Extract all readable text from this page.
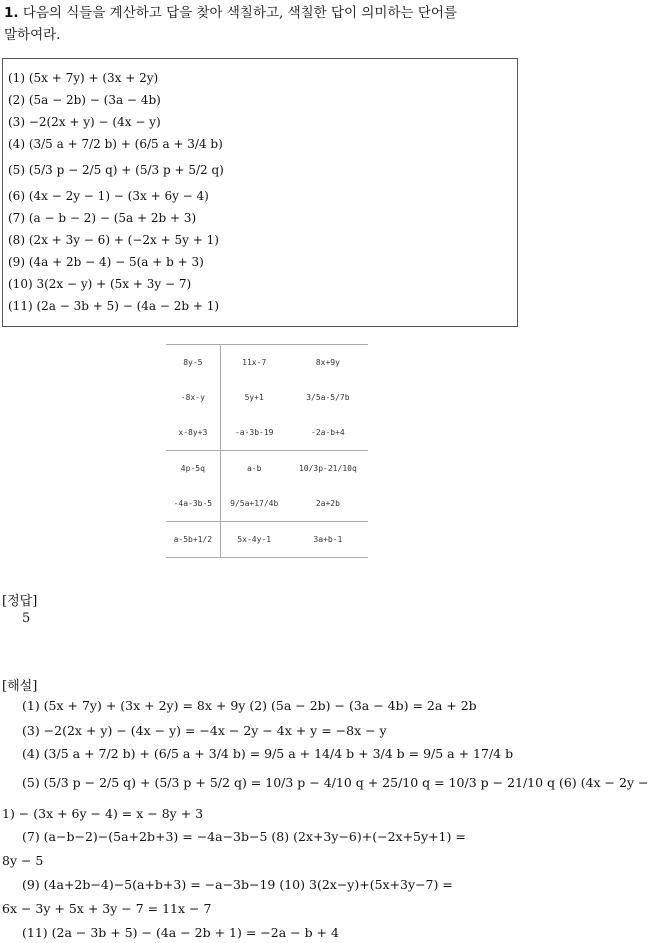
1. 다음의 식들을 계산하고 답을 찾아 색칠하고, 색칠한 답이 의미하는 단어를
말하여라.
(1) (5x + 7y) + (3x + 2y)
(2) (5a − 2b) − (3a − 4b)
(3) −2(2x + y) − (4x − y)
(4) (3/5 a + 7/2 b) + (6/5 a + 3/4 b)
(5) (5/3 p − 2/5 q) + (5/3 p + 5/2 q)
(6) (4x − 2y − 1) − (3x + 6y − 4)
(7) (a − b − 2) − (5a + 2b + 3)
(8) (2x + 3y − 6) + (−2x + 5y + 1)
(9) (4a + 2b − 4) − 5(a + b + 3)
(10) 3(2x − y) + (5x + 3y − 7)
(11) (2a − 3b + 5) − (4a − 2b + 1)
8y-5	11x-7	8x+9y
-8x-y	5y+1	3/5a-5/7b
x-8y+3	-a-3b-19	-2a-b+4
4p-5q	a-b	10/3p-21/10q
-4a-3b-5	9/5a+17/4b	2a+2b
a-5b+1/2	5x-4y-1	3a+b-1
[정답]
5
[해설]
(1) (5x + 7y) + (3x + 2y) = 8x + 9y (2) (5a − 2b) − (3a − 4b) = 2a + 2b
(3) −2(2x + y) − (4x − y) = −4x − 2y − 4x + y = −8x − y
(4) (3/5 a + 7/2 b) + (6/5 a + 3/4 b) = 9/5 a + 14/4 b + 3/4 b = 9/5 a + 17/4 b
(5) (5/3 p − 2/5 q) + (5/3 p + 5/2 q) = 10/3 p − 4/10 q + 25/10 q = 10/3 p − 21/10 q (6) (4x − 2y −
1) − (3x + 6y − 4) = x − 8y + 3
(7) (a−b−2)−(5a+2b+3) = −4a−3b−5 (8) (2x+3y−6)+(−2x+5y+1) =
8y − 5
(9) (4a+2b−4)−5(a+b+3) = −a−3b−19 (10) 3(2x−y)+(5x+3y−7) =
6x − 3y + 5x + 3y − 7 = 11x − 7
(11) (2a − 3b + 5) − (4a − 2b + 1) = −2a − b + 4
